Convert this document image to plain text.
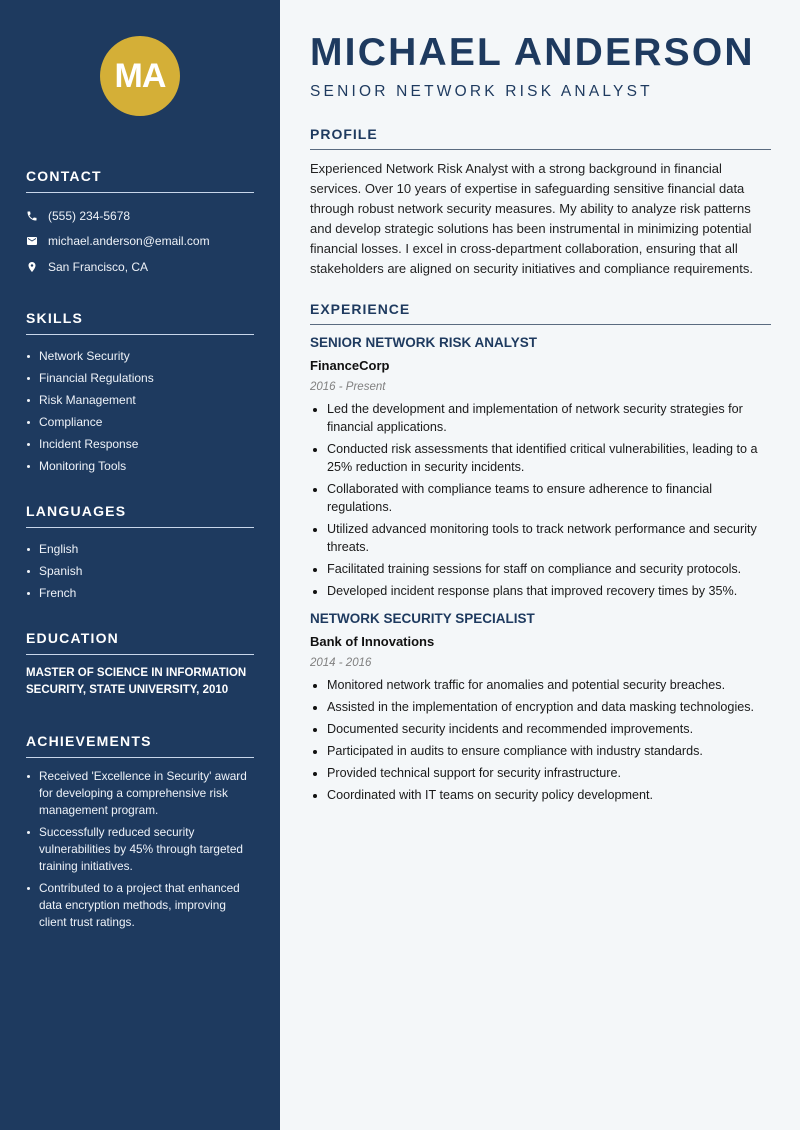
MA
CONTACT
(555) 234-5678
michael.anderson@email.com
San Francisco, CA
SKILLS
Network Security
Financial Regulations
Risk Management
Compliance
Incident Response
Monitoring Tools
LANGUAGES
English
Spanish
French
EDUCATION

MASTER OF SCIENCE IN INFORMATION SECURITY, STATE UNIVERSITY, 2010

ACHIEVEMENTS
Received 'Excellence in Security' award for developing a comprehensive risk management program.
Successfully reduced security vulnerabilities by 45% through targeted training initiatives.
Contributed to a project that enhanced data encryption methods, improving client trust ratings.
MICHAEL ANDERSON
SENIOR NETWORK RISK ANALYST
PROFILE

Experienced Network Risk Analyst with a strong background in financial services. Over 10 years of expertise in safeguarding sensitive financial data through robust network security measures. My ability to analyze risk patterns and develop strategic solutions has been instrumental in minimizing potential financial losses. I excel in cross-department collaboration, ensuring that all stakeholders are aligned on security initiatives and compliance requirements.

EXPERIENCE
SENIOR NETWORK RISK ANALYST
FinanceCorp
2016 - Present
Led the development and implementation of network security strategies for financial applications.
Conducted risk assessments that identified critical vulnerabilities, leading to a 25% reduction in security incidents.
Collaborated with compliance teams to ensure adherence to financial regulations.
Utilized advanced monitoring tools to track network performance and security threats.
Facilitated training sessions for staff on compliance and security protocols.
Developed incident response plans that improved recovery times by 35%.
NETWORK SECURITY SPECIALIST
Bank of Innovations
2014 - 2016
Monitored network traffic for anomalies and potential security breaches.
Assisted in the implementation of encryption and data masking technologies.
Documented security incidents and recommended improvements.
Participated in audits to ensure compliance with industry standards.
Provided technical support for security infrastructure.
Coordinated with IT teams on security policy development.
